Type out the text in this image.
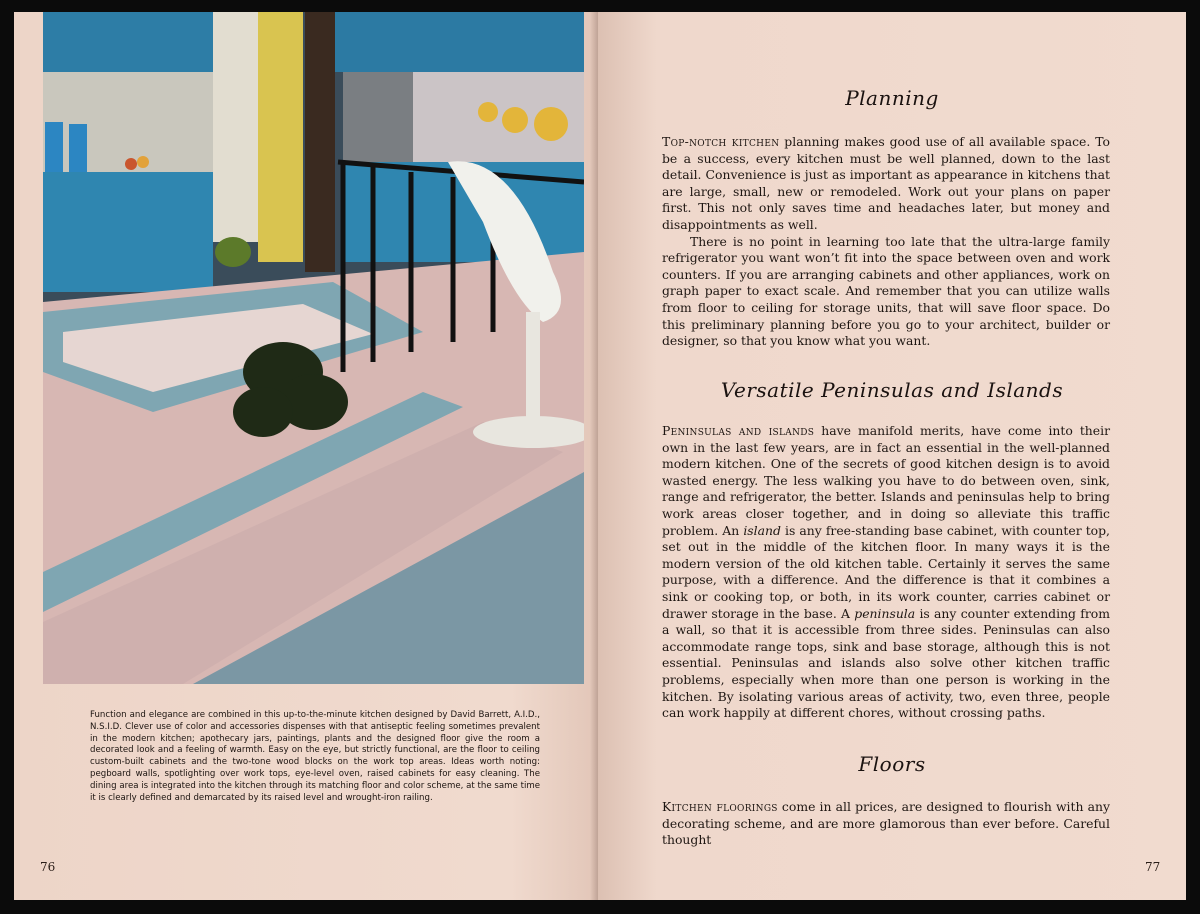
Function and elegance are combined in this up-to-the-minute kitchen designed by David Barrett, A.I.D., N.S.I.D. Clever use of color and accessories dispenses with that antiseptic feeling sometimes prevalent in the modern kitchen; apothecary jars, paintings, plants and the designed floor give the room a decorated look and a feeling of warmth. Easy on the eye, but strictly functional, are the floor to ceiling custom-built cabinets and the two-tone wood blocks on the work top areas. Ideas worth noting: pegboard walls, spotlighting over work tops, eye-level oven, raised cabinets for easy cleaning. The dining area is integrated into the kitchen through its matching floor and color scheme, at the same time it is clearly defined and demarcated by its raised level and wrought-iron railing.
76
Planning

Top-notch kitchen planning makes good use of all available space. To be a success, every kitchen must be well planned, down to the last detail. Convenience is just as important as appearance in kitchens that are large, small, new or remodeled. Work out your plans on paper first. This not only saves time and headaches later, but money and disappointments as well.

There is no point in learning too late that the ultra-large family refrigerator you want won’t fit into the space between oven and work counters. If you are arranging cabinets and other appliances, work on graph paper to exact scale. And remember that you can utilize walls from floor to ceiling for storage units, that will save floor space. Do this preliminary planning before you go to your architect, builder or designer, so that you know what you want.

Versatile Peninsulas and Islands

Peninsulas and islands have manifold merits, have come into their own in the last few years, are in fact an essential in the well-planned modern kitchen. One of the secrets of good kitchen design is to avoid wasted energy. The less walking you have to do between oven, sink, range and refrigerator, the better. Islands and peninsulas help to bring work areas closer together, and in doing so alleviate this traffic problem. An island is any free-standing base cabinet, with counter top, set out in the middle of the kitchen floor. In many ways it is the modern version of the old kitchen table. Certainly it serves the same purpose, with a difference. And the difference is that it combines a sink or cooking top, or both, in its work counter, carries cabinet or drawer storage in the base. A peninsula is any counter extending from a wall, so that it is accessible from three sides. Peninsulas can also accommodate range tops, sink and base storage, although this is not essential. Peninsulas and islands also solve other kitchen traffic problems, especially when more than one person is working in the kitchen. By isolating various areas of activity, two, even three, people can work happily at different chores, without crossing paths.

Floors

Kitchen floorings come in all prices, are designed to flourish with any decorating scheme, and are more glamorous than ever before. Careful thought

77
